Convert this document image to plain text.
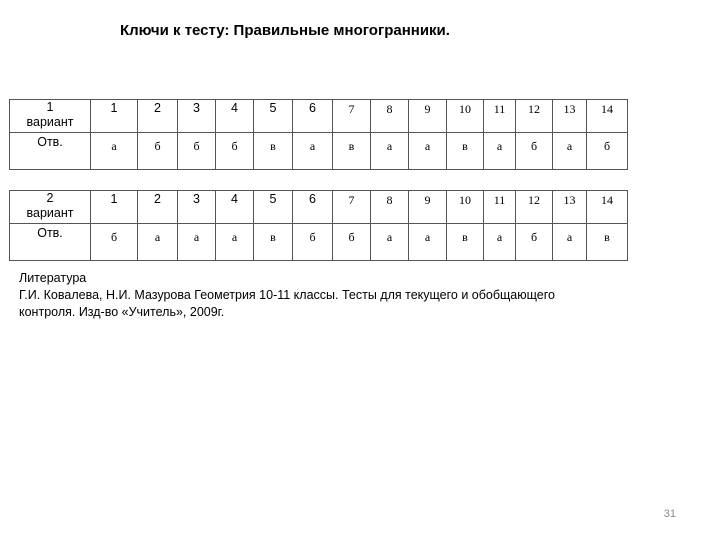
Ключи к тесту: Правильные многогранники.
1
вариант	1	2	3	4	5	6	7	8	9	10	11	12	13	14
Отв.	а	б	б	б	в	а	в	а	а	в	а	б	а	б
2
вариант	1	2	3	4	5	6	7	8	9	10	11	12	13	14
Отв.	б	а	а	а	в	б	б	а	а	в	а	б	а	в
Литература
Г.И. Ковалева, Н.И. Мазурова Геометрия 10-11 классы. Тесты для текущего и обобщающего
контроля. Изд-во «Учитель», 2009г.
31
